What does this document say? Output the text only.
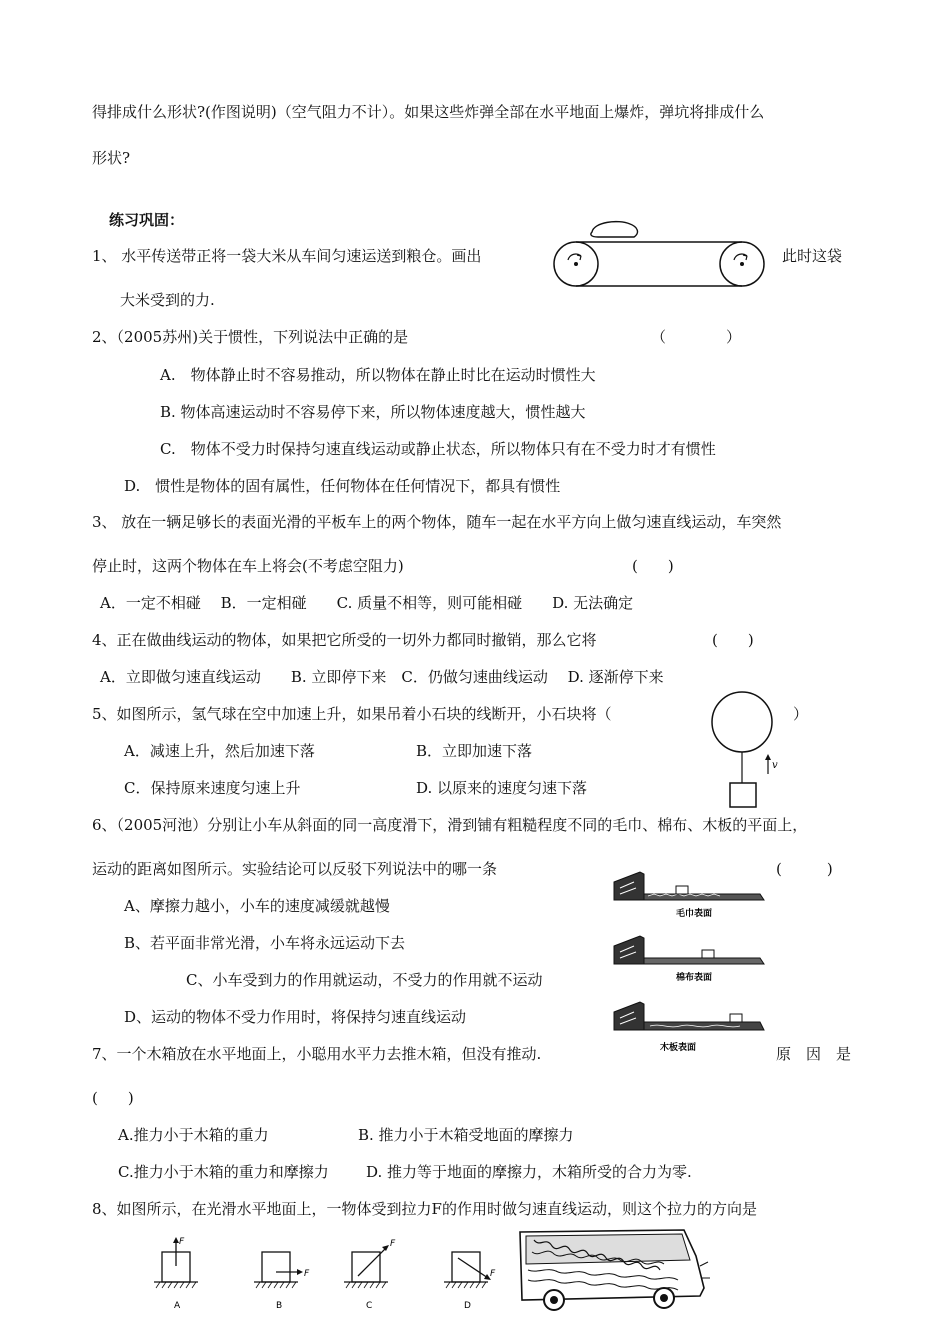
得排成什么形状?(作图说明)（空气阻力不计）。如果这些炸弹全部在水平地面上爆炸，弹坑将排成什么
形状?
练习巩固：
1、 水平传送带正将一袋大米从车间匀速运送到粮仓。画出	此时这袋
大米受到的力.
2、（2005苏州)关于惯性，下列说法中正确的是	（　　　　）
A.　物体静止时不容易推动，所以物体在静止时比在运动时惯性大
B. 物体高速运动时不容易停下来，所以物体速度越大，惯性越大
C.　物体不受力时保持匀速直线运动或静止状态，所以物体只有在不受力时才有惯性
D.　惯性是物体的固有属性，任何物体在任何情况下，都具有惯性
3、 放在一辆足够长的表面光滑的平板车上的两个物体，随车一起在水平方向上做匀速直线运动，车突然
停止时，这两个物体在车上将会(不考虑空阻力)	(　　)
A．一定不相碰　 B．一定相碰　　C. 质量不相等，则可能相碰　　D. 无法确定
4、正在做曲线运动的物体，如果把它所受的一切外力都同时撤销，那么它将	(　　)
A．立即做匀速直线运动　　B. 立即停下来　C．仍做匀速曲线运动　 D. 逐渐停下来
5、如图所示，氢气球在空中加速上升，如果吊着小石块的线断开，小石块将（	）
A．减速上升，然后加速下落	B．立即加速下落
C．保持原来速度匀速上升	D. 以原来的速度匀速下落
v
6、（2005河池）分别让小车从斜面的同一高度滑下，滑到铺有粗糙程度不同的毛巾、棉布、木板的平面上，
运动的距离如图所示。实验结论可以反驳下列说法中的哪一条	(　　　)
A、摩擦力越小，小车的速度减缓就越慢
B、若平面非常光滑，小车将永远运动下去
C、小车受到力的作用就运动，不受力的作用就不运动
D、运动的物体不受力作用时，将保持匀速直线运动
毛巾表面
棉布表面
木板表面
7、一个木箱放在水平地面上，小聪用水平力去推木箱，但没有推动.	原　因　是
(　　)
A.推力小于木箱的重力	B. 推力小于木箱受地面的摩擦力
C.推力小于木箱的重力和摩擦力 D. 推力等于地面的摩擦力，木箱所受的合力为零.
8、如图所示，在光滑水平地面上，一物体受到拉力F的作用时做匀速直线运动，则这个拉力的方向是
F
A
F
B
F
C
F
D
